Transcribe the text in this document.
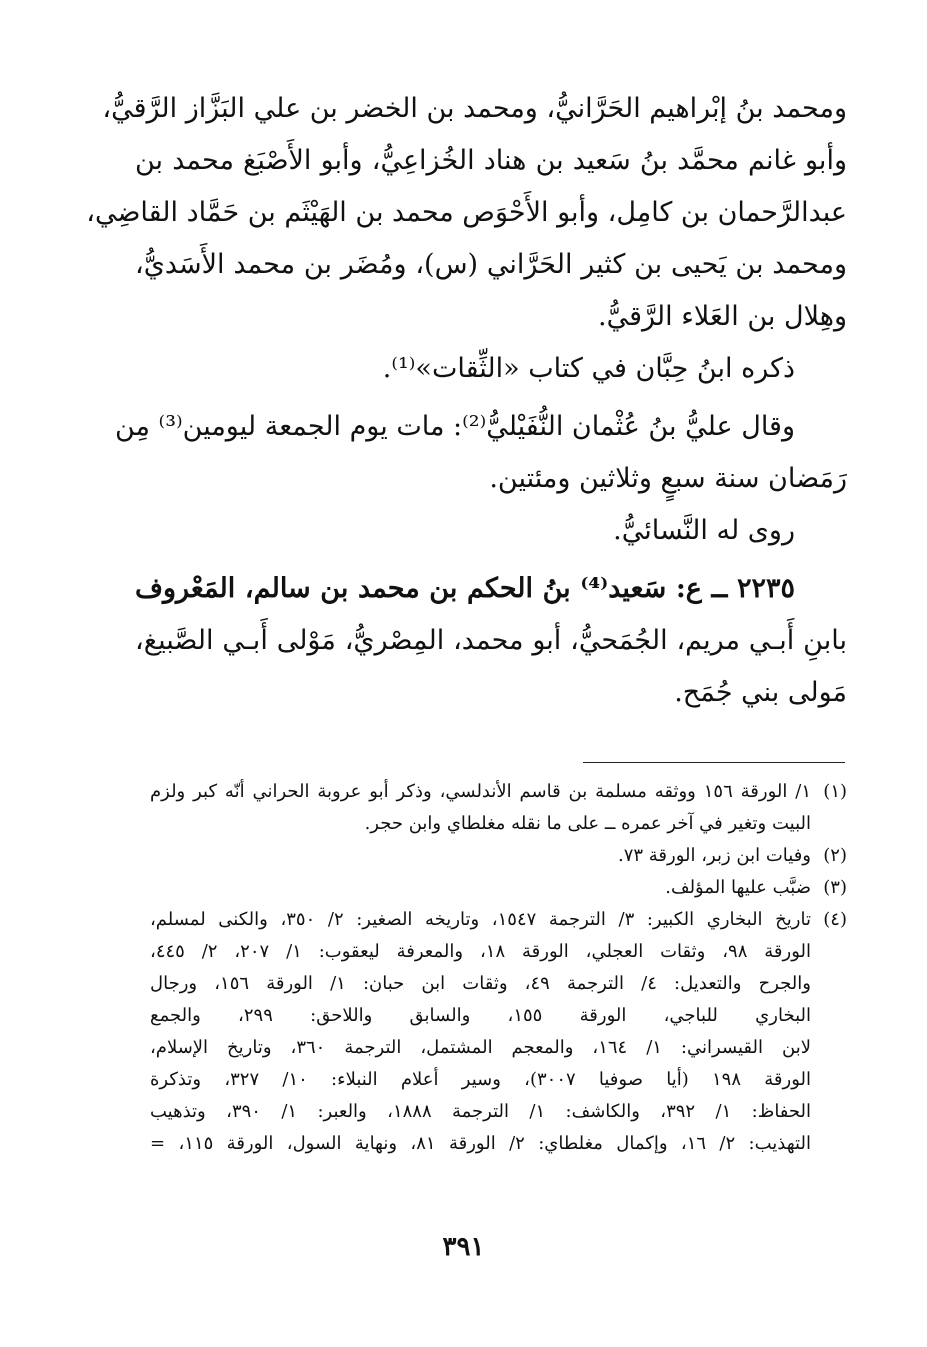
ومحمد بنُ إبْراهيم الحَرَّانيُّ، ومحمد بن الخضر بن علي البَزَّاز الرَّقيُّ،
وأبو غانم محمَّد بنُ سَعيد بن هناد الخُزاعِيُّ، وأبو الأَصْبَغ محمد بن
عبدالرَّحمان بن كامِل، وأبو الأَحْوَص محمد بن الهَيْثَم بن حَمَّاد القاضِي،
ومحمد بن يَحيى بن كثير الحَرَّاني (س)، ومُضَر بن محمد الأَسَديُّ،
وهِلال بن العَلاء الرَّقيُّ.
ذكره ابنُ حِبَّان في كتاب «الثِّقات»⁽¹⁾.
وقال عليُّ بنُ عُثْمان النُّفَيْليُّ⁽²⁾: مات يوم الجمعة ليومين⁽³⁾ مِن
رَمَضان سنة سبعٍ وثلاثين ومئتين.
روى له النَّسائيُّ.
٢٢٣٥ ــ ع: سَعيد⁽⁴⁾ بنُ الحكم بن محمد بن سالم، المَعْروف
بابنِ أَبـي مريم، الجُمَحيُّ، أبو محمد، المِصْريُّ، مَوْلى أَبـي الصَّبيغ،
مَولى بني جُمَح.
(١)١/ الورقة ١٥٦ ووثقه مسلمة بن قاسم الأندلسي، وذكر أبو عروبة الحراني أنّه كبر ولزم
البيت وتغير في آخر عمره ــ على ما نقله مغلطاي وابن حجر.
(٢)وفيات ابن زبر، الورقة ٧٣.
(٣)ضبَّب عليها المؤلف.
(٤)تاريخ البخاري الكبير: ٣/ الترجمة ١٥٤٧، وتاريخه الصغير: ٢/ ٣٥٠، والكنى لمسلم،
الورقة ٩٨، وثقات العجلي، الورقة ١٨، والمعرفة ليعقوب: ١/ ٢٠٧، ٢/ ٤٤٥،
والجرح والتعديل: ٤/ الترجمة ٤٩، وثقات ابن حبان: ١/ الورقة ١٥٦، ورجال
البخاري للباجي، الورقة ١٥٥، والسابق واللاحق: ٢٩٩، والجمع
لابن القيسراني: ١/ ١٦٤، والمعجم المشتمل، الترجمة ٣٦٠، وتاريخ الإسلام،
الورقة ١٩٨ (أيا صوفيا ٣٠٠٧)، وسير أعلام النبلاء: ١٠/ ٣٢٧، وتذكرة
الحفاظ: ١/ ٣٩٢، والكاشف: ١/ الترجمة ١٨٨٨، والعبر: ١/ ٣٩٠، وتذهيب
التهذيب: ٢/ ١٦، وإكمال مغلطاي: ٢/ الورقة ٨١، ونهاية السول، الورقة ١١٥، =
٣٩١
